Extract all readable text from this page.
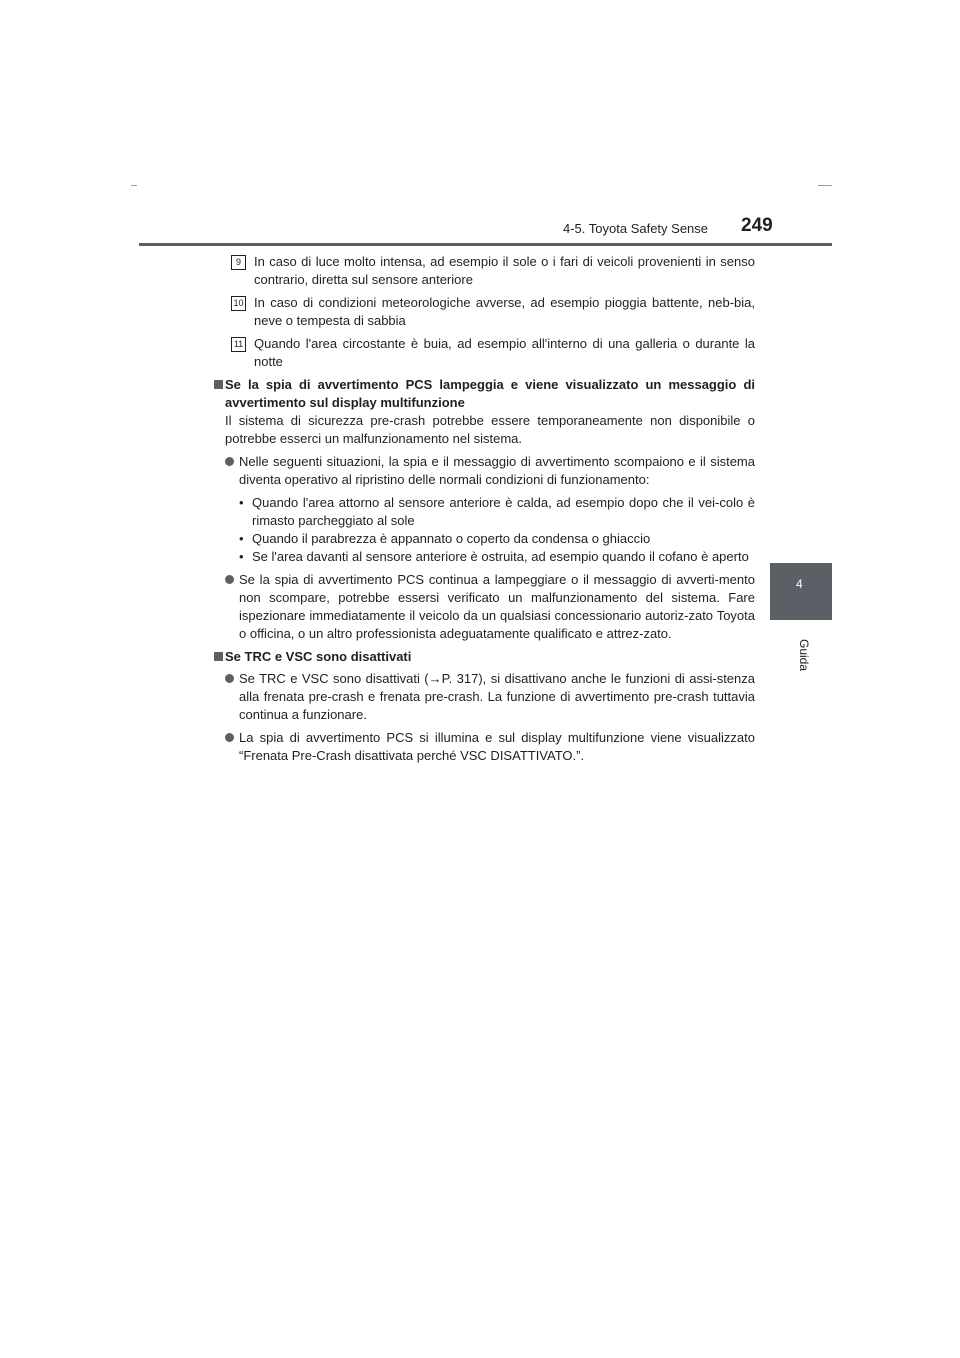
4-5. Toyota Safety Sense 249
4
Guida
9	In caso di luce molto intensa, ad esempio il sole o i fari di veicoli provenienti in senso contrario, diretta sul sensore anteriore
10 In caso di condizioni meteorologiche avverse, ad esempio pioggia battente, neb-bia, neve o tempesta di sabbia
11 Quando l'area circostante è buia, ad esempio all'interno di una galleria o durante la notte
Se la spia di avvertimento PCS lampeggia e viene visualizzato un messaggio di avvertimento sul display multifunzione
Il sistema di sicurezza pre-crash potrebbe essere temporaneamente non disponibile o potrebbe esserci un malfunzionamento nel sistema.
Nelle seguenti situazioni, la spia e il messaggio di avvertimento scompaiono e il sistema diventa operativo al ripristino delle normali condizioni di funzionamento:
• Quando l'area attorno al sensore anteriore è calda, ad esempio dopo che il vei-colo è rimasto parcheggiato al sole
• Quando il parabrezza è appannato o coperto da condensa o ghiaccio
• Se l'area davanti al sensore anteriore è ostruita, ad esempio quando il cofano è aperto
Se la spia di avvertimento PCS continua a lampeggiare o il messaggio di avverti-mento non scompare, potrebbe essersi verificato un malfunzionamento del sistema. Fare ispezionare immediatamente il veicolo da un qualsiasi concessionario autoriz-zato Toyota o officina, o un altro professionista adeguatamente qualificato e attrez-zato.
Se TRC e VSC sono disattivati
Se TRC e VSC sono disattivati (→P. 317), si disattivano anche le funzioni di assi-stenza alla frenata pre-crash e frenata pre-crash. La funzione di avvertimento pre-crash tuttavia continua a funzionare.
La spia di avvertimento PCS si illumina e sul display multifunzione viene visualizzato “Frenata Pre-Crash disattivata perché VSC DISATTIVATO.”.
